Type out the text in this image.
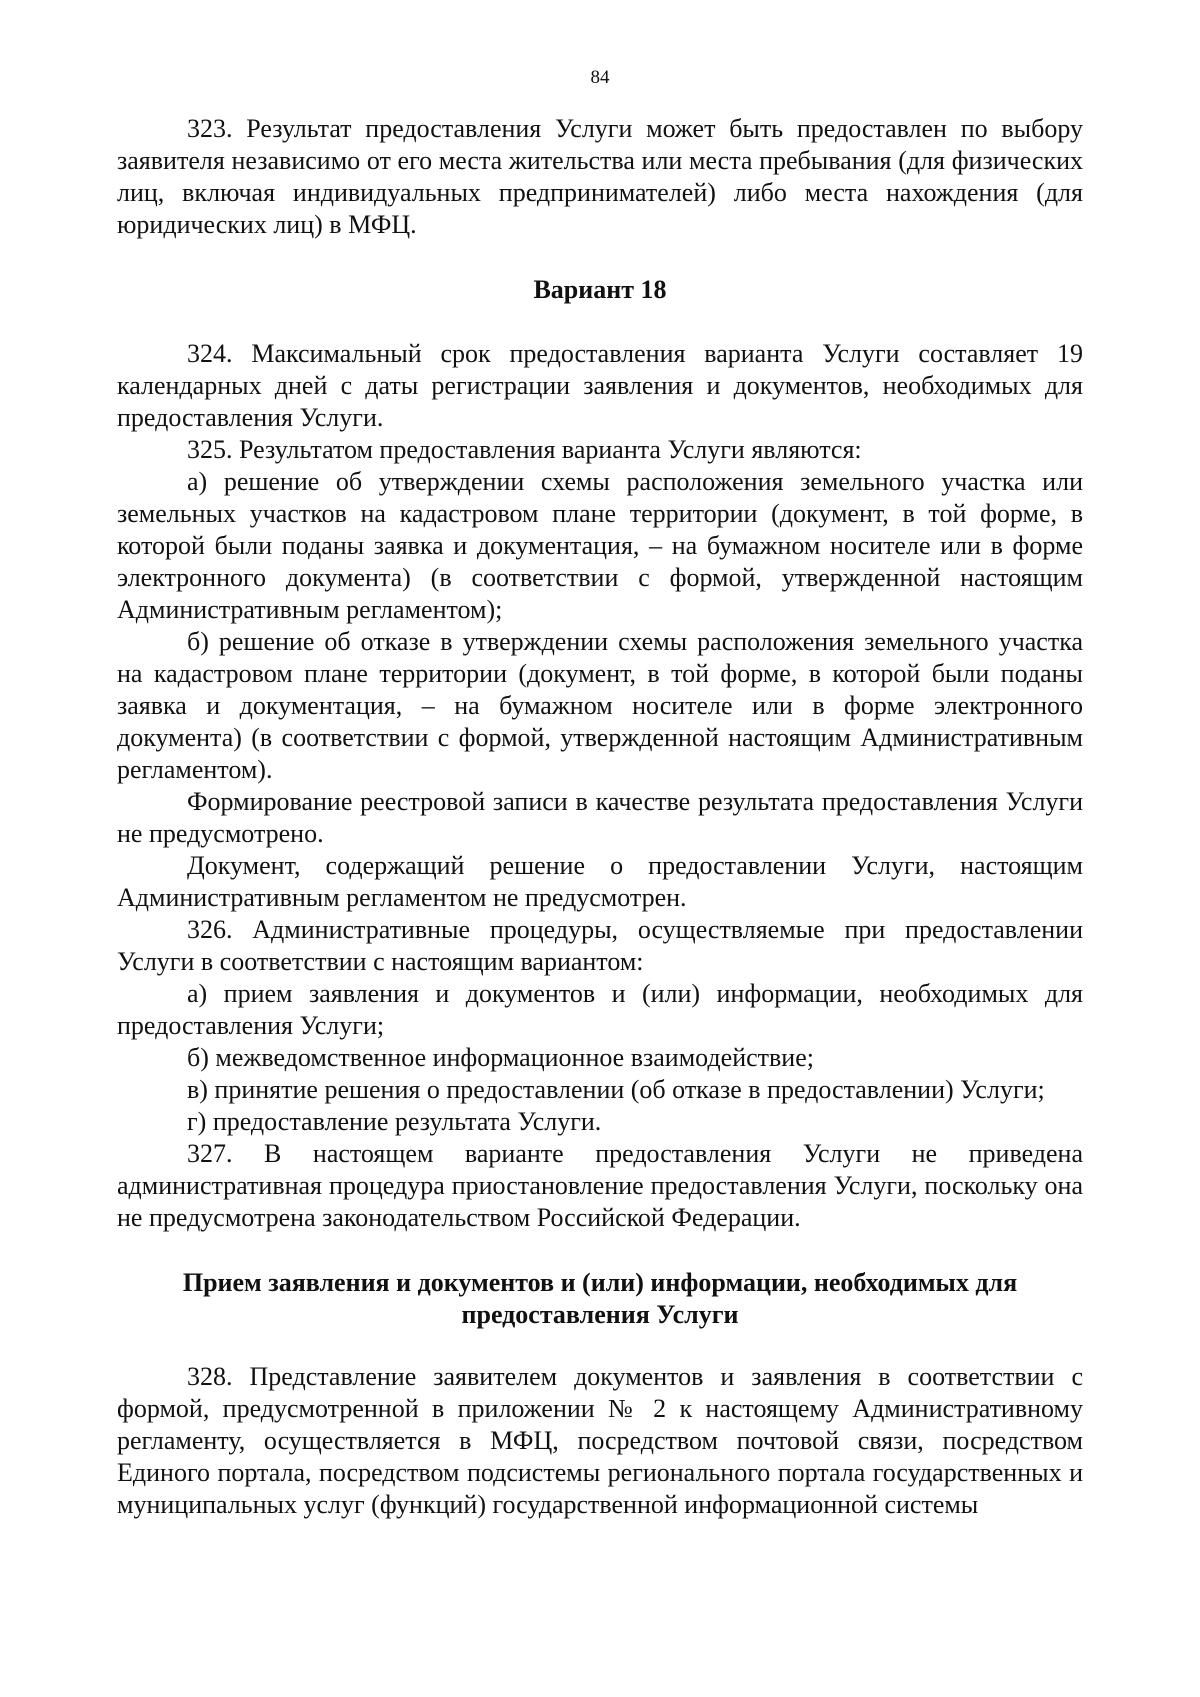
84

323. Результат предоставления Услуги может быть предоставлен по выбору заявителя независимо от его места жительства или места пребывания (для физических лиц, включая индивидуальных предпринимателей) либо места нахождения (для юридических лиц) в МФЦ.

Вариант 18

324. Максимальный срок предоставления варианта Услуги составляет 19 календарных дней с даты регистрации заявления и документов, необходимых для предоставления Услуги.

325. Результатом предоставления варианта Услуги являются:

а) решение об утверждении схемы расположения земельного участка или земельных участков на кадастровом плане территории (документ, в той форме, в которой были поданы заявка и документация, – на бумажном носителе или в форме электронного документа) (в соответствии с формой, утвержденной настоящим Административным регламентом);

б) решение об отказе в утверждении схемы расположения земельного участка на кадастровом плане территории (документ, в той форме, в которой были поданы заявка и документация, – на бумажном носителе или в форме электронного документа) (в соответствии с формой, утвержденной настоящим Административным регламентом).

Формирование реестровой записи в качестве результата предоставления Услуги не предусмотрено.

Документ, содержащий решение о предоставлении Услуги, настоящим Административным регламентом не предусмотрен.

326. Административные процедуры, осуществляемые при предоставлении Услуги в соответствии с настоящим вариантом:

а) прием заявления и документов и (или) информации, необходимых для предоставления Услуги;

б) межведомственное информационное взаимодействие;

в) принятие решения о предоставлении (об отказе в предоставлении) Услуги;

г) предоставление результата Услуги.

327. В настоящем варианте предоставления Услуги не приведена административная процедура приостановление предоставления Услуги, поскольку она не предусмотрена законодательством Российской Федерации.

Прием заявления и документов и (или) информации, необходимых для предоставления Услуги

328. Представление заявителем документов и заявления в соответствии с формой, предусмотренной в приложении № 2 к настоящему Административному регламенту, осуществляется в МФЦ, посредством почтовой связи, посредством Единого портала, посредством подсистемы регионального портала государственных и муниципальных услуг (функций) государственной информационной системы
